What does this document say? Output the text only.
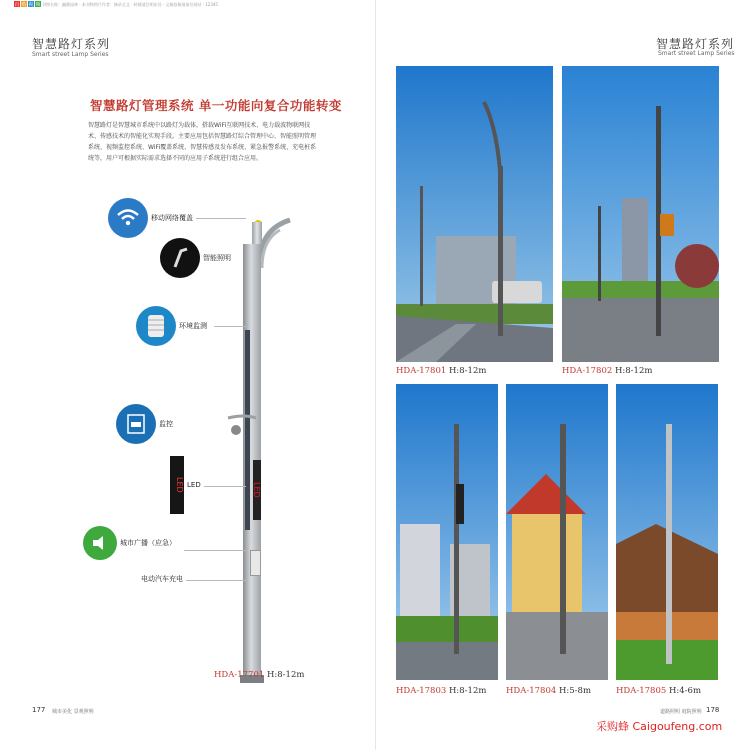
百 购 视 频 刊物名称：幽静园林 · 本刊物图片作者：摘录全文 · 转载请注明出处 · 文稿投稿请前往网站 · 12345
智慧路灯系列
Smart street Lamp Series
智慧路灯管理系统 单一功能向复合功能转变
智慧路灯是智慧城市系统中以路灯为载体，搭载WiFi互联网技术、电力载波物联网技术、传感技术的智能化实现手段。主要应用包括智慧路灯综合管理中心、智能照明管理系统、视频监控系统、WiFi覆盖系统、智慧传感及发布系统、紧急报警系统、充电桩系统等，用户可根据实际需求选择不同的应用子系统进行组合应用。
LED
移动网络覆盖
智能照明
环境监测
监控
LED LED
城市广播（应急）
电动汽车充电
HDA-17701 H:8-12m
177 城市美化 景观照明
智慧路灯系列
Smart street Lamp Series
HDA-17801 H:8-12m	HDA-17802 H:8-12m
HDA-17803 H:8-12m HDA-17804 H:5-8m	HDA-17805 H:4-6m
道路照明 庭院照明 178
采购蜂 Caigoufeng.com
